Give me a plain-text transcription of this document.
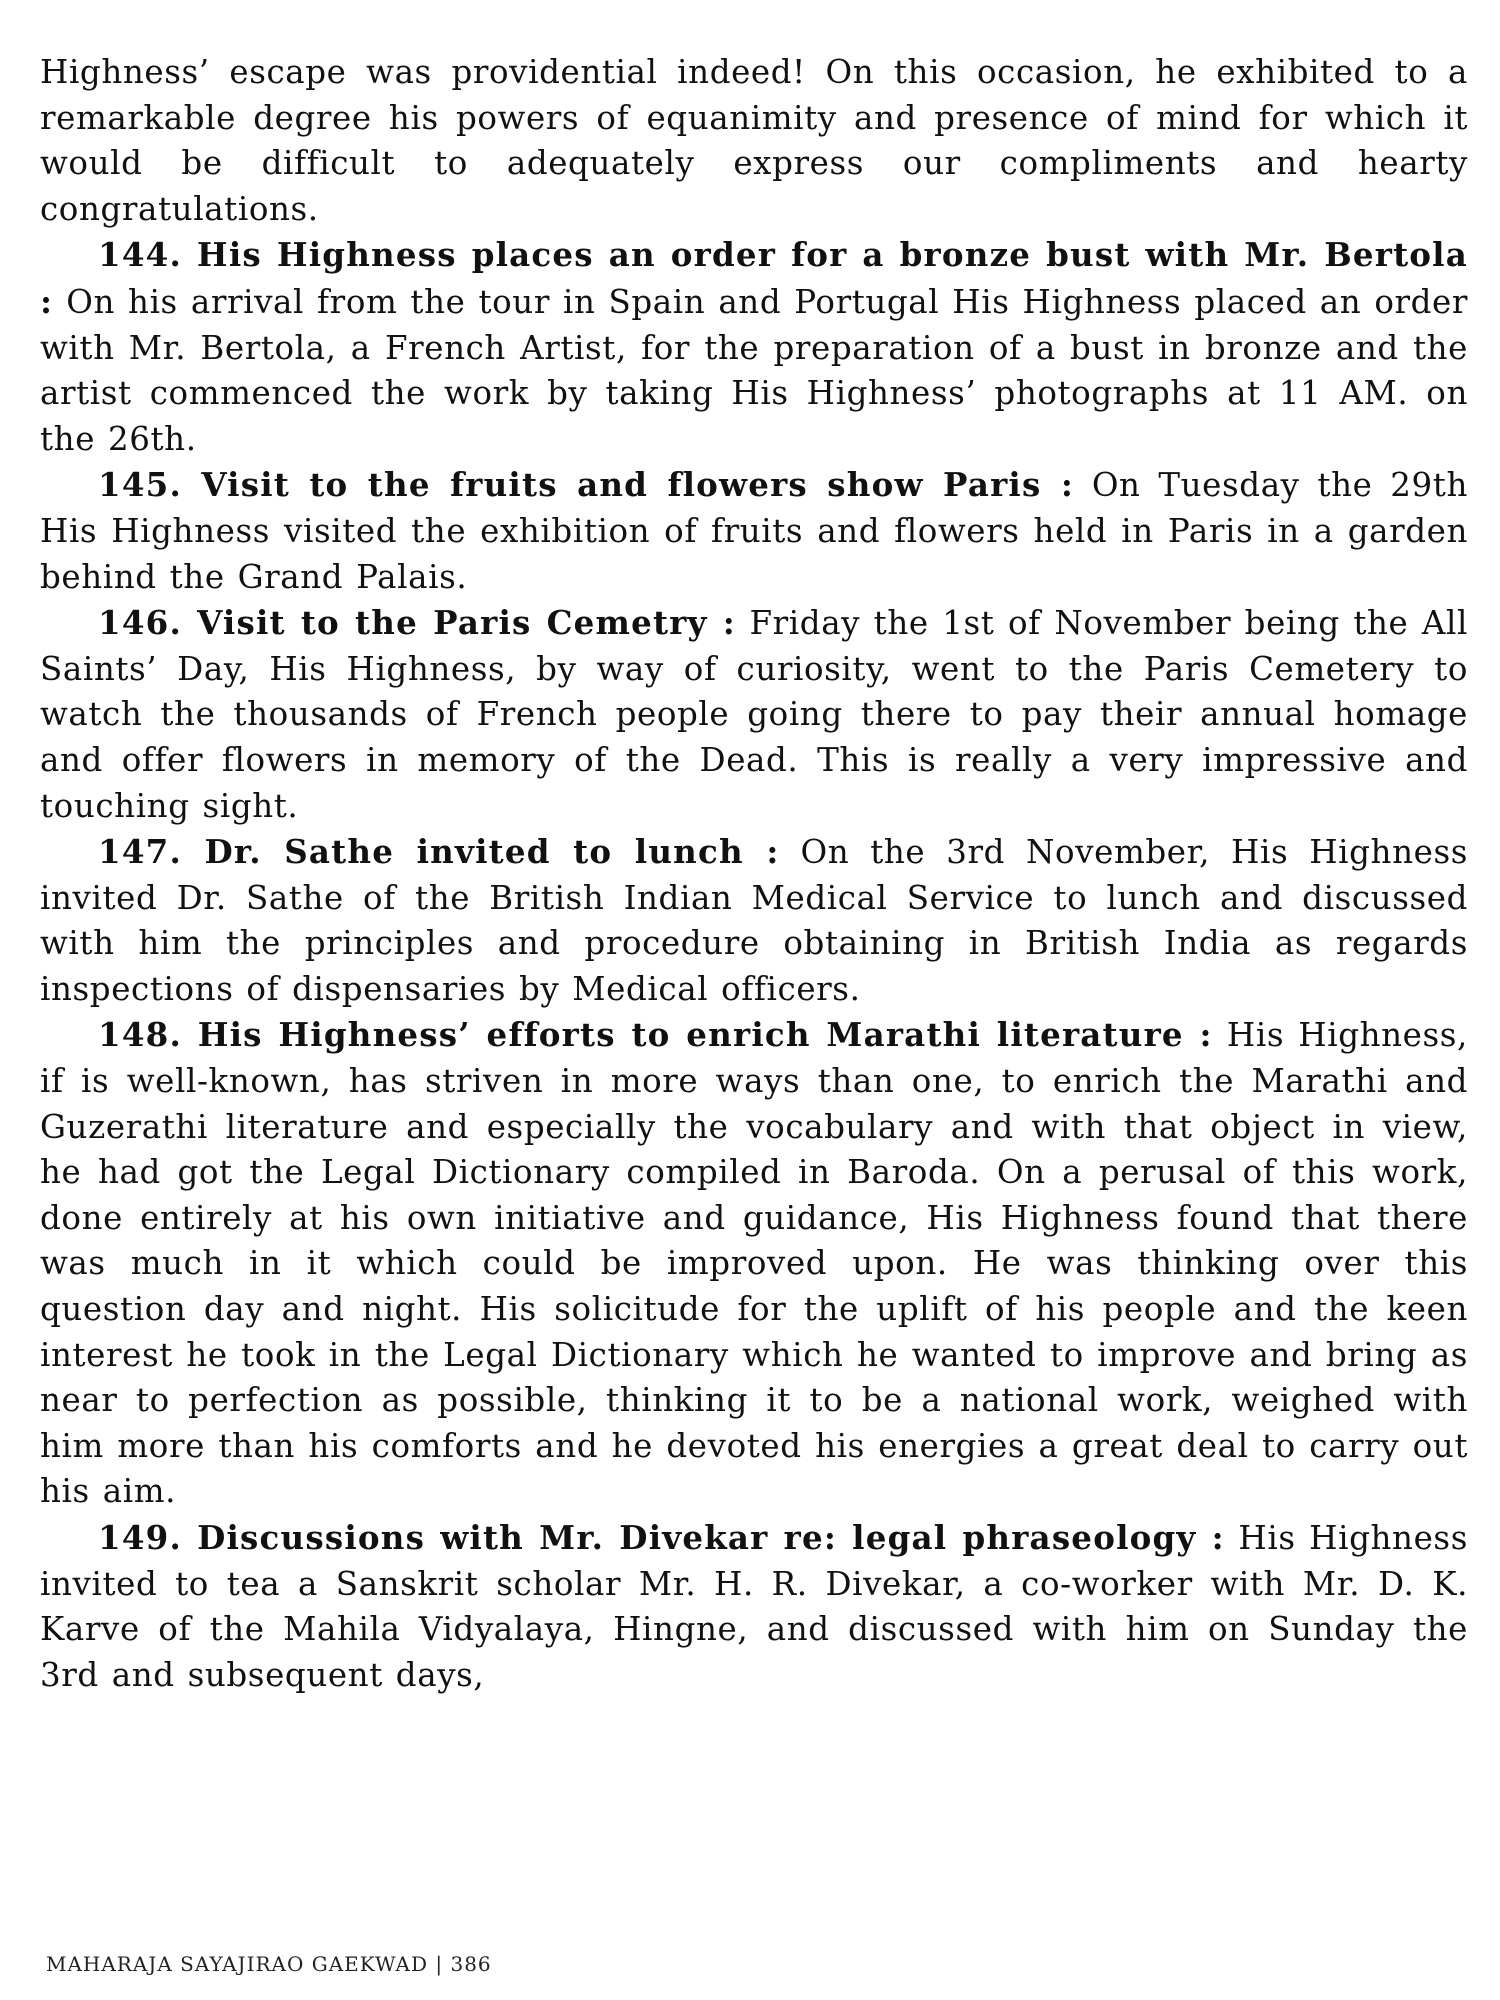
Highness’ escape was providential indeed! On this occasion, he exhibited to a remarkable degree his powers of equanimity and presence of mind for which it would be difficult to adequately express our compliments and hearty congratulations.

144. His Highness places an order for a bronze bust with Mr. Bertola : On his arrival from the tour in Spain and Portugal His Highness placed an order with Mr. Bertola, a French Artist, for the preparation of a bust in bronze and the artist commenced the work by taking His Highness’ photographs at 11 AM. on the 26th.

145. Visit to the fruits and flowers show Paris : On Tuesday the 29th His Highness visited the exhibition of fruits and flowers held in Paris in a garden behind the Grand Palais.

146. Visit to the Paris Cemetry : Friday the 1st of November being the All Saints’ Day, His Highness, by way of curiosity, went to the Paris Cemetery to watch the thousands of French people going there to pay their annual homage and offer flowers in memory of the Dead. This is really a very impressive and touching sight.

147. Dr. Sathe invited to lunch : On the 3rd November, His Highness invited Dr. Sathe of the British Indian Medical Service to lunch and discussed with him the principles and procedure obtaining in British India as regards inspections of dispensaries by Medical officers.

148. His Highness’ efforts to enrich Marathi literature : His Highness, if is well-known, has striven in more ways than one, to enrich the Marathi and Guzerathi literature and especially the vocabulary and with that object in view, he had got the Legal Dictionary compiled in Baroda. On a perusal of this work, done entirely at his own initiative and guidance, His Highness found that there was much in it which could be improved upon. He was thinking over this question day and night. His solicitude for the uplift of his people and the keen interest he took in the Legal Dictionary which he wanted to improve and bring as near to perfection as possible, thinking it to be a national work, weighed with him more than his comforts and he devoted his energies a great deal to carry out his aim.

149. Discussions with Mr. Divekar re: legal phraseology : His Highness invited to tea a Sanskrit scholar Mr. H. R. Divekar, a co-worker with Mr. D. K. Karve of the Mahila Vidyalaya, Hingne, and discussed with him on Sunday the 3rd and subsequent days,

MAHARAJA SAYAJIRAO GAEKWAD | 386
